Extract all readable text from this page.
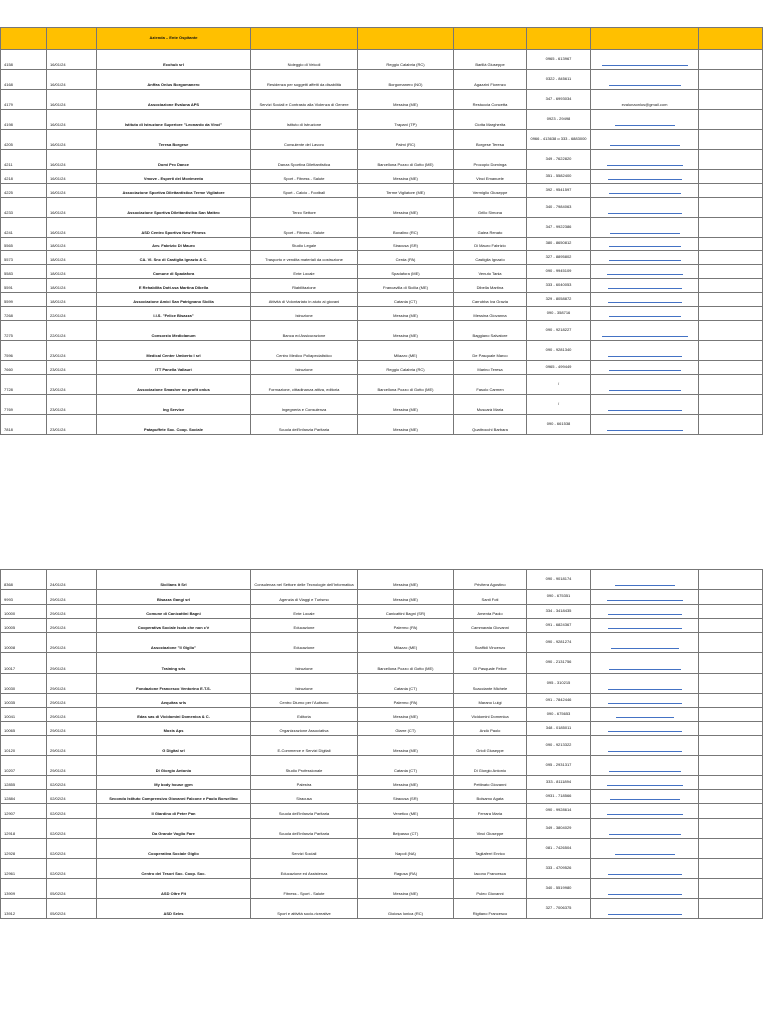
		Azienda – Ente Ospitante						
4158	16/01/24	Ecohub srl	Noleggio di Veicoli	Reggio Calabria (RC)	Barillà Giuseppe	0965 - 613967		
4168	16/01/24	Anffas Onlus Borgomanero	Residenza per soggetti affetti da disabilità	Borgomanero (NO)	Agazzini Fiorenzo	0322 - 845611		
4179	16/01/24	Associazione Evaluna APS	Servizi Sociali e Contrasto alla Violenza di Genere	Messina (ME)	Restuccia Concetta	347 - 6993034	evalunaonlus@gmail.com	
4198	16/01/24	Istituto di Istruzione Superiore "Leonardo da Vinci"	Istituto di Istruzione	Trapani (TP)	Ciotta Margherita	0923 - 29498		
4205	16/01/24	Teresa Borgese	Consulente del Lavoro	Palmi (RC)	Borgese Teresa	0966 - 413638 o 333 - 6883000		
4211	16/01/24	Domi Pro Dance	Danza Sportiva Dilettantistica	Barcellona Pozzo di Gotto (ME)	Procopio Dominga	349 - 7622820		
4218	16/01/24	Vmove - Esperti del Movimento	Sport - Fitness - Salute	Messina (ME)	Vinci Emanuele	351 - 5582400		
4225	16/01/24	Associazione Sportiva Dilettantistica Terme Vigliatore	Sport - Calcio - Football	Terme Vigliatore (ME)	Vermiglio Giuseppe	392 - 9541597		
4233	16/01/24	Associazione Sportiva Dilettantistica San Matteo	Terzo Settore	Messina (ME)	Grillo Simona	340 - 7984063		
4241	16/01/24	ASD Centro Sportivo New Fitness	Sport - Fitness - Salute	Bovalino (RC)	Galea Renato	347 - 9922386		
5565	18/01/24	Avv. Fabrizio Di Mauro	Studio Legale	Siracusa (SR)	Di Mauro Fabrizio	380 - 8650812		
5573	18/01/24	CA. VI. Snc di Castiglia Ignazio & C.	Trasporto e vendita materiali da costruzione	Cerda (PA)	Castiglia Ignazio	327 - 8895802		
5583	18/01/24	Comune di Spadafora	Ente Locale	Spadafora (ME)	Venuto Tania	090 - 9945109		
5591	18/01/24	E Rehabilita Dott.ssa Martina Dibella	Riabilitazione	Francavilla di Sicilia (ME)	Dibella Martina	333 - 6040053		
5599	18/01/24	Associazione Amici San Patrignano Sicilia	Attività di Volontariato in aiuto ai giovani	Catania (CT)	Carrubba Iva Grazia	329 - 8058872		
7268	22/01/24	I.I.S. "Felice Bisazza"	Istruzione	Messina (ME)	Messina Giovanna	090 - 358716		
7275	22/01/24	Consorzio Mediolanum	Banca ed Assicurazione	Messina (ME)	Baggiano Salvatore	090 - 9218227		
7596	23/01/24	Medical Center Umberto I srl	Centro Medico Poliapecialistico	Milazzo (ME)	De Pasquale Marco	090 - 9281340		
7660	23/01/24	ITT Panella Vallauri	Istruzione	Reggio Calabria (RC)	Marino Teresa	0965 - 499449		
7728	23/01/24	Associazione Smasher no profit onlus	Formazione, cittadinanza attiva, editoria	Barcellona Pozzo di Gotto (ME)	Fasolo Carmen	/		
7769	23/01/24	Ing Service	Ingegneria e Consulenza	Messina (ME)	Muscarà Maria	/		
7818	23/01/24	Patapuffete Soc. Coop. Sociale	Scuola dell'Infanzia Paritaria	Messina (ME)	Quattrocchi Barbara	090 - 661538		
8368	24/01/24	Sicilians It Srl	Consulenza nel Settore delle Tecnologie dell'Informatica	Messina (ME)	Privitera Agostino	090 - 9018174		
9993	29/01/24	Bisazza Gangi srl	Agenzia di Viaggi e Turismo	Messina (ME)	Santi Foti	090 - 675351		
10000	29/01/24	Comune di Canicattini Bagni	Ente Locale	Canicattini Bagni (SR)	Amenta Paolo	334 - 3418435		
10005	29/01/24	Cooperativa Sociale Isola che non c'è	Educazione	Palermo (PA)	Cammarata Giovanni	091 - 6824367		
10008	29/01/24	Associazione "Il Giglio"	Educazione	Milazzo (ME)	Scaffidi Vincenzo	090 - 9281274		
10017	29/01/24	Training srls	Istruzione	Barcellona Pozzo di Gotto (ME)	Di Pasquale Felice	090 - 2131756		
10030	29/01/24	Fondazione Francesco Ventorino E.T.S.	Istruzione	Catania (CT)	Scacciante Michele	095 - 310215		
10035	29/01/24	Aequitas srls	Centro Diurno per l'Autismo	Palermo (PA)	Marano Luigi	091 - 7842446		
10041	29/01/24	Edas sas di Vicidomini Domenica & C.	Editoria	Messina (ME)	Vicidomini Domenica	090 - 675653		
10065	29/01/24	Moxis Aps	Organizzazione Associativa	Giarre (CT)	Andò Paolo	348 - 0185011		
10120	29/01/24	G Digital srl	E-Commerce e Servizi Digitali	Messina (ME)	Grioli Giuseppe	090 - 9213322		
10207	29/01/24	Di Giorgio Antonio	Studio Professionale	Catania (CT)	Di Giorgio Antonio	095 - 2931317		
12855	02/02/24	My body house gym	Palestra	Messina (ME)	Pettinato Giovanni	333 - 8111894		
12884	02/02/24	Secondo Istituto Comprensivo Giovanni Falcone e Paolo Borsellino	Siracusa	Siracusa (SR)	Bolsamo Agata	0931 - 718566		
12907	02/02/24	Il Giardino di Peter Pan	Scuola dell'Infanzia Paritaria	Venetico (ME)	Ferrara Maria	090 - 9928614		
12918	02/02/24	Da Grande Voglio Fare	Scuola dell'Infanzia Paritaria	Belpasso (CT)	Vinci Giuseppe	349 - 3804029		
12928	02/02/24	Cooperativa Sociale Giglio	Servizi Sociali	Napoli (NA)	Tagliaferri Enrico	081 - 7426504		
12961	02/02/24	Centro dei Tesori Soc. Coop. Soc.	Educazione ed Assistenza	Ragusa (RA)	Iacono Francesca	333 - 4709526		
13909	05/02/24	ASD Oltre Fit	Fitness - Sport - Salute	Messina (ME)	Puleo Giovanni	340 - 5519980		
13912	05/02/24	ASD Seles	Sport e attività socio-ricreative	Gioiosa Ionica (RC)	Rigitano Francesco	327 - 7006375		
